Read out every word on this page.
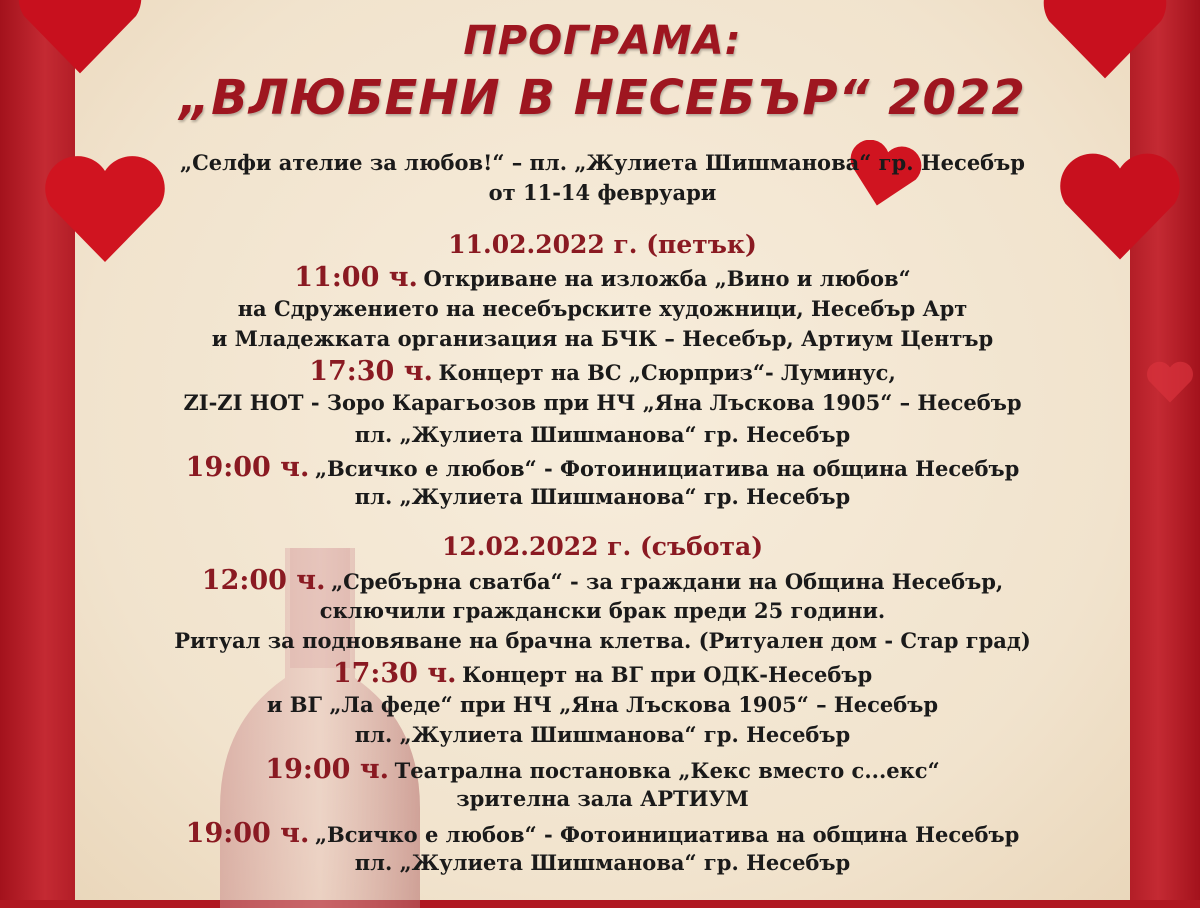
ПРОГРАМА:
„ВЛЮБЕНИ В НЕСЕБЪР“ 2022
„Селфи ателие за любов!“ – пл. „Жулиета Шишманова“ гр. Несебър
от 11-14 февруари
11.02.2022 г. (петък)
11:00 ч. Откриване на изложба „Вино и любов“
на Сдружението на несебърските художници, Несебър Арт
и Младежката организация на БЧК – Несебър, Артиум Център
17:30 ч. Концерт на ВС „Сюрприз“- Луминус,
ZI-ZI HOT - Зоро Карагьозов при НЧ „Яна Лъскова 1905“ – Несебър
пл. „Жулиета Шишманова“ гр. Несебър
19:00 ч. „Всичко е любов“ - Фотоинициатива на община Несебър
пл. „Жулиета Шишманова“ гр. Несебър
12.02.2022 г. (събота)
12:00 ч. „Сребърна сватба“ - за граждани на Община Несебър,
сключили граждански брак преди 25 години.
Ритуал за подновяване на брачна клетва. (Ритуален дом - Стар град)
17:30 ч. Концерт на ВГ при ОДК-Несебър
и ВГ „Ла феде“ при НЧ „Яна Лъскова 1905“ – Несебър
пл. „Жулиета Шишманова“ гр. Несебър
19:00 ч. Театрална постановка „Кекс вместо с...екс“
зрителна зала АРТИУМ
19:00 ч. „Всичко е любов“ - Фотоинициатива на община Несебър
пл. „Жулиета Шишманова“ гр. Несебър
